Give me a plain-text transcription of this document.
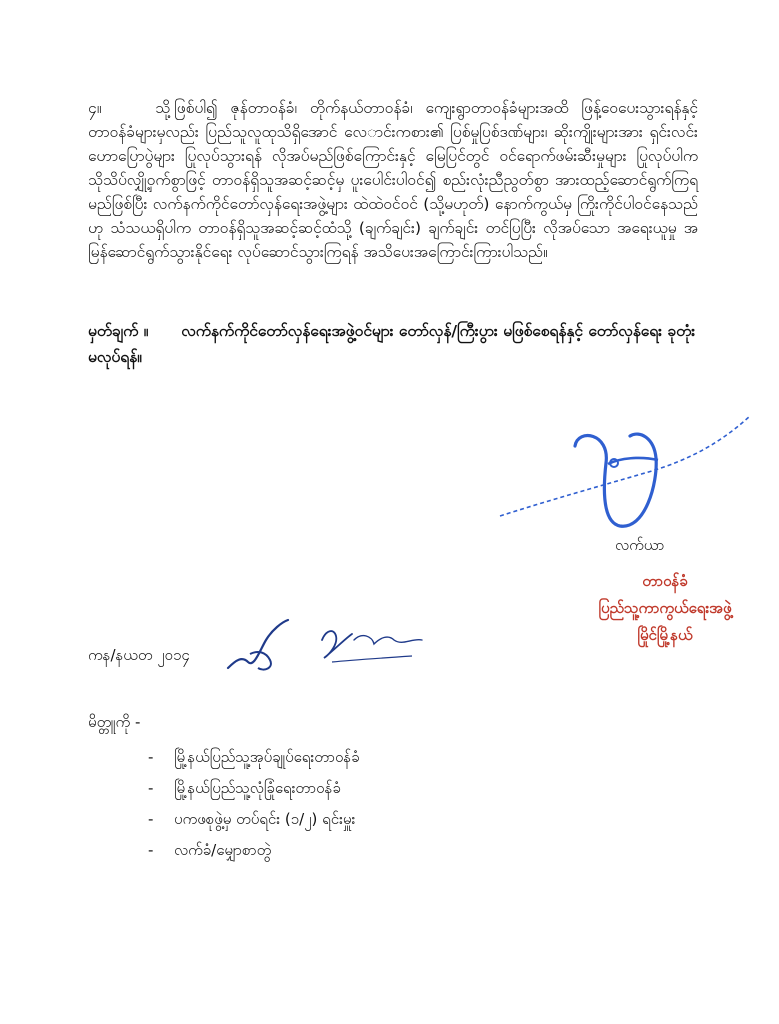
၄။	သို့ဖြစ်ပါ၍ ဇုန်တာဝန်ခံ၊ တိုက်နယ်တာဝန်ခံ၊ ကျေးရွာတာဝန်ခံများအထိ ဖြန့်ဝေပေးသွားရန်နှင့် တာဝန်ခံများမှလည်း ပြည်သူလူထုသိရှိအောင် လေ​ာင်းကစား၏ ပြစ်မှုပြစ်ဒဏ်များ၊ ဆိုးကျိုးများအား ရှင်းလင်းဟောပြောပွဲများ ပြုလုပ်သွားရန် လိုအပ်မည်ဖြစ်ကြောင်းနှင့် မြေပြင်တွင် ဝင်ရောက်ဖမ်းဆီးမှုများ ပြုလုပ်ပါက သိုသိပ်လျှို့ဝှက်စွာဖြင့် တာဝန်ရှိသူအဆင့်ဆင့်မှ ပူးပေါင်းပါဝင်၍ စည်းလုံးညီညွတ်စွာ အားထည့်ဆောင်ရွက်ကြရမည်ဖြစ်ပြီး လက်နက်ကိုင်တော်လှန်ရေးအဖွဲ့များ ထဲထဲဝင်ဝင် (သို့မဟုတ်) နောက်ကွယ်မှ ကြိုးကိုင်ပါဝင်နေသည်ဟု သံသယရှိပါက တာဝန်ရှိသူအဆင့်ဆင့်ထံသို့ (ချက်ချင်း) ချက်ချင်း တင်ပြပြီး လိုအပ်သော အရေးယူမှု အမြန်ဆောင်ရွက်သွားနိုင်ရေး လုပ်ဆောင်သွားကြရန် အသိပေးအကြောင်းကြားပါသည်။

မှတ်ချက် ။ လက်နက်ကိုင်တော်လှန်ရေးအဖွဲ့ဝင်များ တော်လှန်/ကြီးပွား မဖြစ်စေရန်နှင့် တော်လှန်ရေး ခုတုံးမလုပ်ရန်။

လက်ယာ

တာဝန်ခံ
ပြည်သူ့ကာကွယ်ရေးအဖွဲ့
မြိုင်မြို့နယ်

ကန/နယတ ၂၀၁၄

မိတ္တူကို -

-	မြို့နယ်ပြည်သူ့အုပ်ချုပ်ရေးတာဝန်ခံ
-	မြို့နယ်ပြည်သူ့လုံခြုံရေးတာဝန်ခံ
-	ပကဖစုဖွဲ့မှ တပ်ရင်း (၁/၂) ရင်းမှူး
-	လက်ခံ/မျှောစာတွဲ
